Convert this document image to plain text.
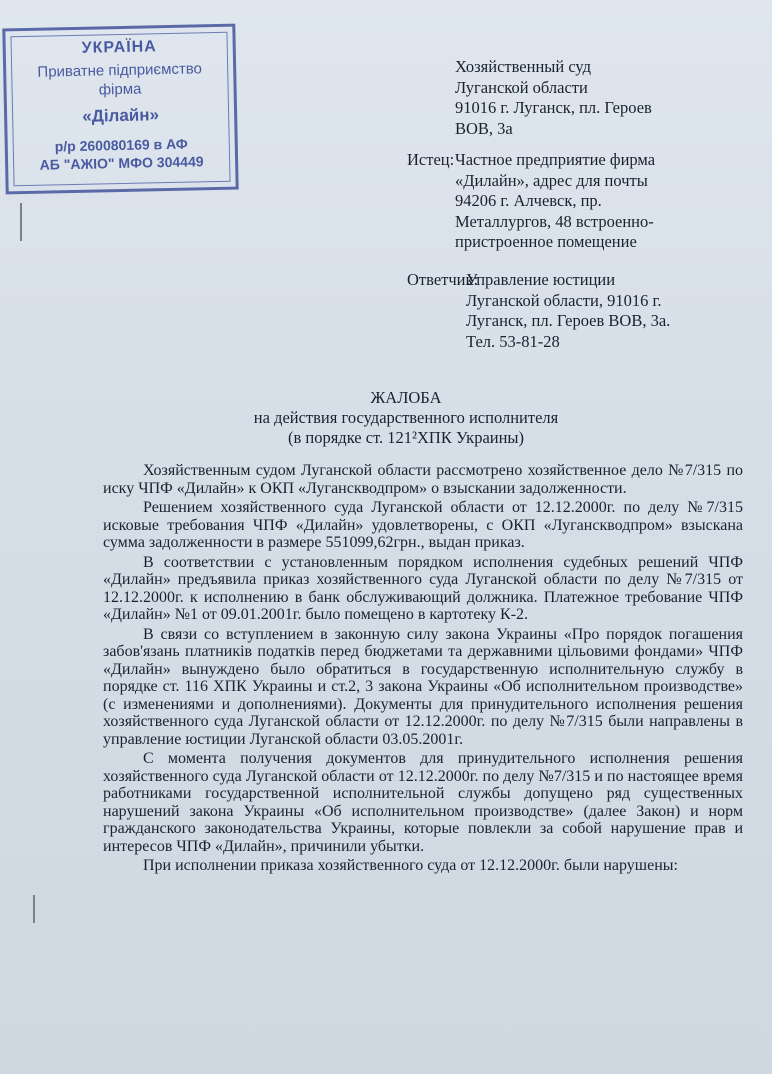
УКРАЇНА
Приватне підприємство
фірма
«Ділайн»
р/р 260080169 в АФ
АБ "АЖІО" МФО 304449
Хозяйственный суд
Луганской области
91016 г. Луганск, пл. Героев
ВОВ, 3а
Истец: Частное предприятие фирма
«Дилайн», адрес для почты
94206 г. Алчевск, пр.
Металлургов, 48 встроенно-
пристроенное помещение
Ответчик:
Управление юстиции
Луганской области, 91016 г.
Луганск, пл. Героев ВОВ, 3а.
Тел. 53-81-28
ЖАЛОБА
на действия государственного исполнителя
(в порядке ст. 121²ХПК Украины)

Хозяйственным судом Луганской области рассмотрено хозяйственное дело №7/315 по иску ЧПФ «Дилайн» к ОКП «Луганскводпром» о взыскании задолженности.

Решением хозяйственного суда Луганской области от 12.12.2000г. по делу №7/315 исковые требования ЧПФ «Дилайн» удовлетворены, с ОКП «Луганскводпром» взыскана сумма задолженности в размере 551099,62грн., выдан приказ.

В соответствии с установленным порядком исполнения судебных решений ЧПФ «Дилайн» предъявила приказ хозяйственного суда Луганской области по делу №7/315 от 12.12.2000г. к исполнению в банк обслуживающий должника. Платежное требование ЧПФ «Дилайн» №1 от 09.01.2001г. было помещено в картотеку К-2.

В связи со вступлением в законную силу закона Украины «Про порядок погашения забов'язань платників податків перед бюджетами та державними цільовими фондами» ЧПФ «Дилайн» вынуждено было обратиться в государственную исполнительную службу в порядке ст. 116 ХПК Украины и ст.2, 3 закона Украины «Об исполнительном производстве» (с изменениями и дополнениями). Документы для принудительного исполнения решения хозяйственного суда Луганской области от 12.12.2000г. по делу №7/315 были направлены в управление юстиции Луганской области 03.05.2001г.

С момента получения документов для принудительного исполнения решения хозяйственного суда Луганской области от 12.12.2000г. по делу №7/315 и по настоящее время работниками государственной исполнительной службы допущено ряд существенных нарушений закона Украины «Об исполнительном производстве» (далее Закон) и норм гражданского законодательства Украины, которые повлекли за собой нарушение прав и интересов ЧПФ «Дилайн», причинили убытки.

При исполнении приказа хозяйственного суда от 12.12.2000г. были нарушены:
